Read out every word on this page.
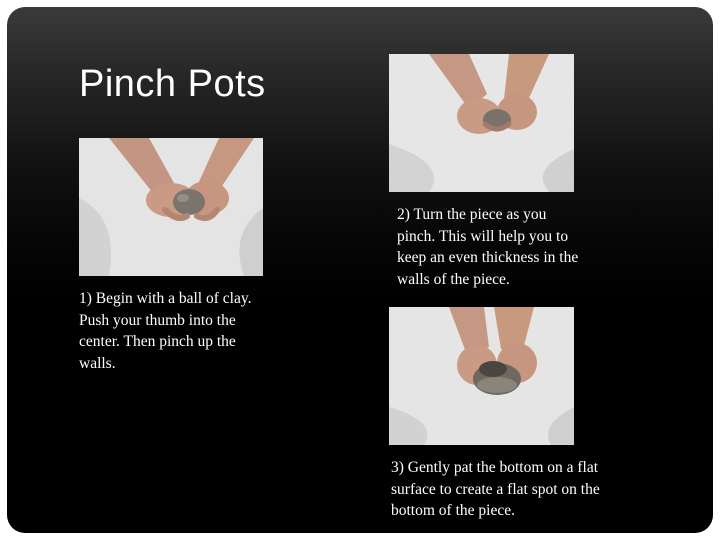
Pinch Pots

1) Begin with a ball of clay. Push your thumb into the center. Then pinch up the walls.

2) Turn the piece as you pinch. This will help you to keep an even thickness in the walls of the piece.

3) Gently pat the bottom on a flat surface to create a flat spot on the bottom of the piece.
